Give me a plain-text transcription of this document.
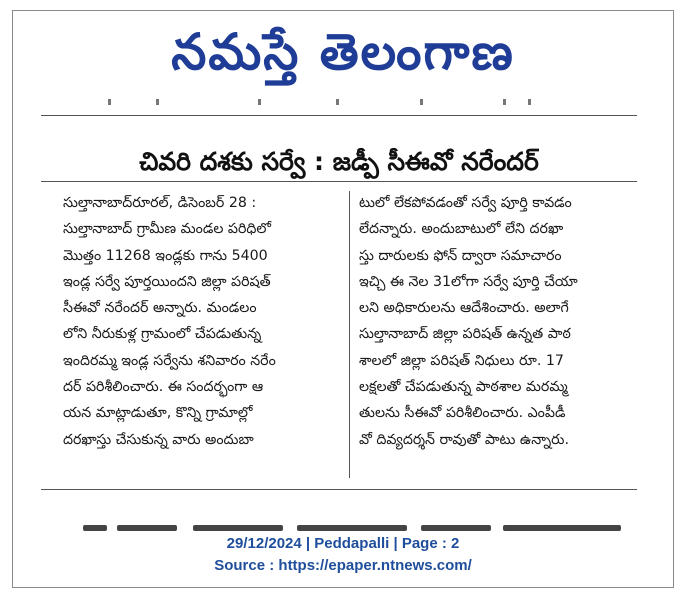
నమస్తే తెలంగాణ
చివరి దశకు సర్వే : జడ్పీ సీఈవో నరేందర్
సుల్తానాబాద్‌రూరల్, డిసెంబర్ 28 :
సుల్తానాబాద్ గ్రామీణ మండల పరిధిలో
మొత్తం 11268 ఇండ్లకు గాను 5400
ఇండ్ల సర్వే పూర్తయిందని జిల్లా పరిషత్
సీఈవో నరేందర్ అన్నారు. మండలం
లోని నీరుకుళ్ల గ్రామంలో చేపడుతున్న
ఇందిరమ్మ ఇండ్ల సర్వేను శనివారం నరేం
దర్ పరిశీలించారు. ఈ సందర్భంగా ఆ
యన మాట్లాడుతూ, కొన్ని గ్రామాల్లో
దరఖాస్తు చేసుకున్న వారు అందుబా
టులో లేకపోవడంతో సర్వే పూర్తి కావడం
లేదన్నారు. అందుబాటులో లేని దరఖా
స్తు దారులకు ఫోన్ ద్వారా సమాచారం
ఇచ్చి ఈ నెల 31లోగా సర్వే పూర్తి చేయా
లని అధికారులను ఆదేశించారు. అలాగే
సుల్తానాబాద్ జిల్లా పరిషత్ ఉన్నత పాఠ
శాలలో జిల్లా పరిషత్ నిధులు రూ. 17
లక్షలతో చేపడుతున్న పాఠశాల మరమ్మ
తులను సీఈవో పరిశీలించారు. ఎంపీడీ
వో దివ్యదర్శన్ రావుతో పాటు ఉన్నారు.
29/12/2024 | Peddapalli | Page : 2
Source : https://epaper.ntnews.com/
